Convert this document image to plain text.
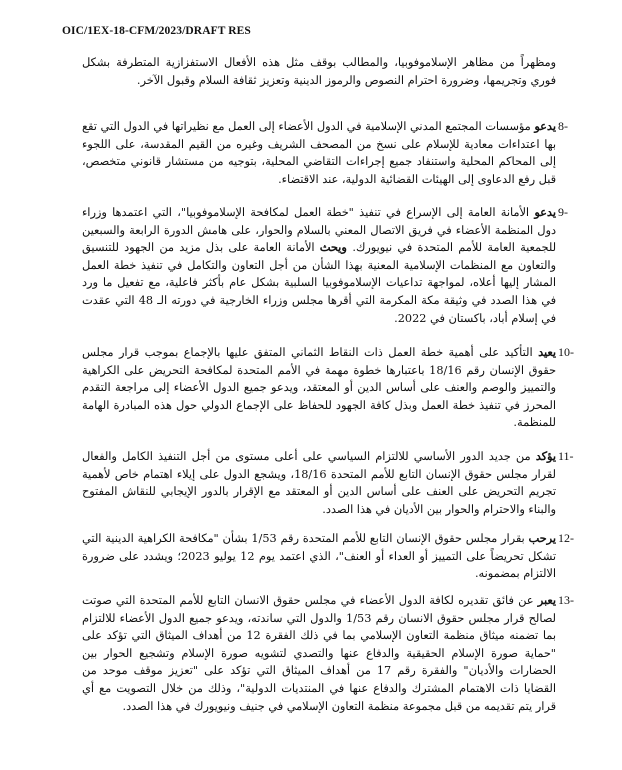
OIC/1EX-18-CFM/2023/DRAFT RES
ومظهراً من مظاهر الإسلاموفوبيا، والمطالب بوقف مثل هذه الأفعال الاستفزازية المتطرفة بشكل فوري وتجريمها، وضرورة احترام النصوص والرموز الدينية وتعزيز ثقافة السلام وقبول الآخر.
8-
يدعو مؤسسات المجتمع المدني الإسلامية في الدول الأعضاء إلى العمل مع نظيراتها في الدول التي تقع بها اعتداءات معادية للإسلام على نسخ من المصحف الشريف وغيره من القيم المقدسة، على اللجوء إلى المحاكم المحلية واستنفاد جميع إجراءات التقاضي المحلية، بتوجيه من مستشار قانوني متخصص، قبل رفع الدعاوى إلى الهيئات القضائية الدولية، عند الاقتضاء.
9-
يدعو الأمانة العامة إلى الإسراع في تنفيذ "خطة العمل لمكافحة الإسلاموفوبيا"، التي اعتمدها وزراء دول المنظمة الأعضاء في فريق الاتصال المعني بالسلام والحوار، على هامش الدورة الرابعة والسبعين للجمعية العامة للأمم المتحدة في نيويورك. ويحث الأمانة العامة على بذل مزيد من الجهود للتنسيق والتعاون مع المنظمات الإسلامية المعنية بهذا الشأن من أجل التعاون والتكامل في تنفيذ خطة العمل المشار إليها أعلاه، لمواجهة تداعيات الإسلاموفوبيا السلبية بشكل عام بأكثر فاعلية، مع تفعيل ما ورد في هذا الصدد في وثيقة مكة المكرمة التي أقرها مجلس وزراء الخارجية في دورته الـ 48 التي عقدت في إسلام أباد، باكستان في 2022.
10-
يعيد التأكيد على أهمية خطة العمل ذات النقاط الثماني المتفق عليها بالإجماع بموجب قرار مجلس حقوق الإنسان رقم 18/16 باعتبارها خطوة مهمة في الأمم المتحدة لمكافحة التحريض على الكراهية والتمييز والوصم والعنف على أساس الدين أو المعتقد، ويدعو جميع الدول الأعضاء إلى مراجعة التقدم المحرز في تنفيذ خطة العمل وبذل كافة الجهود للحفاظ على الإجماع الدولي حول هذه المبادرة الهامة للمنظمة.
11-
يؤكد من جديد الدور الأساسي للالتزام السياسي على أعلى مستوى من أجل التنفيذ الكامل والفعال لقرار مجلس حقوق الإنسان التابع للأمم المتحدة 18/16، ويشجع الدول على إيلاء اهتمام خاص لأهمية تجريم التحريض على العنف على أساس الدين أو المعتقد مع الإقرار بالدور الإيجابي للنقاش المفتوح والبناء والاحترام والحوار بين الأديان في هذا الصدد.
12-
يرحب بقرار مجلس حقوق الإنسان التابع للأمم المتحدة رقم 1/53 بشأن "مكافحة الكراهية الدينية التي تشكل تحريضاً على التمييز أو العداء أو العنف"، الذي اعتمد يوم 12 يوليو 2023؛ ويشدد على ضرورة الالتزام بمضمونه.
13-
يعبر عن فائق تقديره لكافة الدول الأعضاء في مجلس حقوق الانسان التابع للأمم المتحدة التي صوتت لصالح قرار مجلس حقوق الانسان رقم 1/53 والدول التي ساندته، ويدعو جميع الدول الأعضاء للالتزام بما تضمنه ميثاق منظمة التعاون الإسلامي بما في ذلك الفقرة 12 من أهداف الميثاق التي تؤكد على "حماية صورة الإسلام الحقيقية والدفاع عنها والتصدي لتشويه صورة الإسلام وتشجيع الحوار بين الحضارات والأديان" والفقرة رقم 17 من أهداف الميثاق التي تؤكد على "تعزيز موقف موحد من القضايا ذات الاهتمام المشترك والدفاع عنها في المنتديات الدولية"، وذلك من خلال التصويت مع أي قرار يتم تقديمه من قبل مجموعة منظمة التعاون الإسلامي في جنيف ونيويورك في هذا الصدد.
